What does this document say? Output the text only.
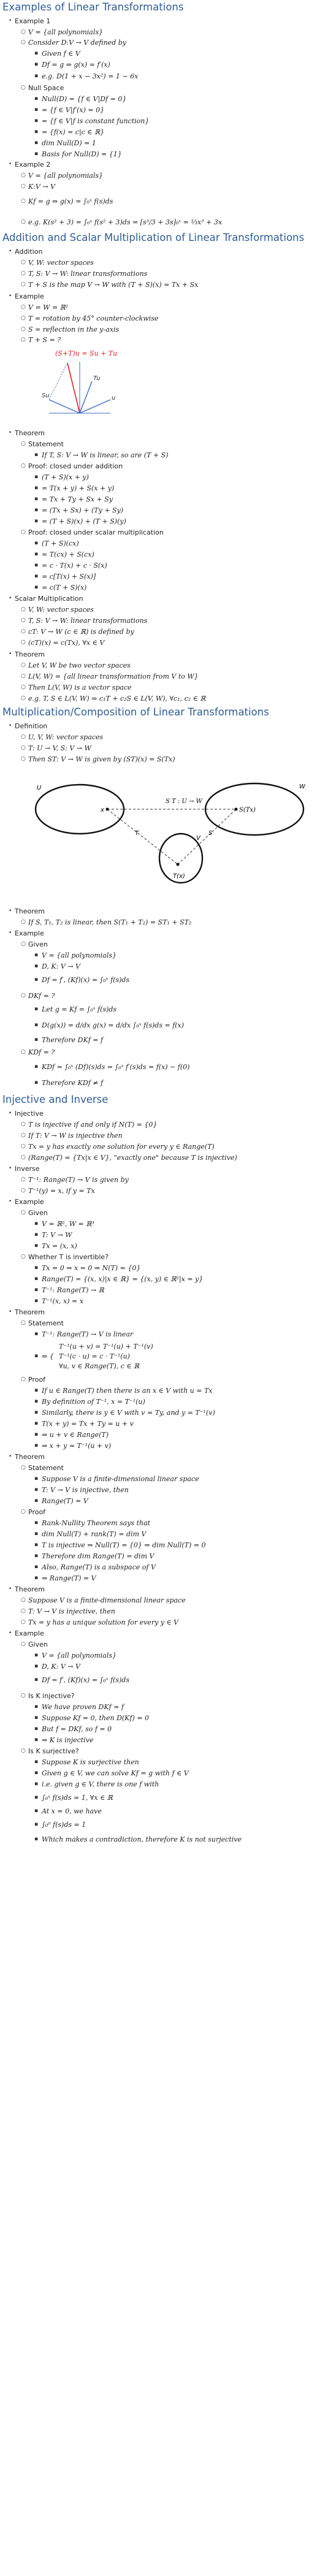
Examples of Linear Transformations
• Example 1
○ V = {all polynomials}
○ Consider D:V → V defined by
▪ Given f ∈ V
▪ Df = g ⇔ g(x) = f′(x)
▪ e.g. D(1 + x − 3x²) = 1 − 6x
○ Null Space
▪ Null(D) = {f ∈ V|Df = 0}
▪ = {f ∈ V|f′(x) = 0}
▪ = {f ∈ V|f is constant function}
▪ = {f(x) = c|c ∈ ℝ}
▪ dim Null(D) = 1
▪ Basis for Null(D) = {1}
• Example 2
○ V = {all polynomials}
○ K:V → V
○ Kf = g ⇔ g(x) = ∫₀ˣ f(s)ds
○ e.g. K(s² + 3) = ∫₀ˣ f(s² + 3)ds = [s³/3 + 3s]₀ˣ = ⅓x³ + 3x
Addition and Scalar Multiplication of Linear Transformations
• Addition
○ V, W: vector spaces
○ T, S: V → W: linear transformations
○ T + S is the map V → W with (T + S)(x) = Tx + Sx
• Example
○ V = W = ℝ²
○ T = rotation by 45° counter-clockwise
○ S = reflection in the y-axis
○ T + S = ?
(S+T)u = Su + Tu
Su
Tu
u
• Theorem
○ Statement
▪ If T, S: V → W is linear, so are (T + S)
○ Proof: closed under addition
▪ (T + S)(x + y)
▪ = T(x + y) + S(x + y)
▪ = Tx + Ty + Sx + Sy
▪ = (Tx + Sx) + (Ty + Sy)
▪ = (T + S)(x) + (T + S)(y)
○ Proof: closed under scalar multiplication
▪ (T + S)(cx)
▪ = T(cx) + S(cx)
▪ = c · T(x) + c · S(x)
▪ = c[T(x) + S(x)]
▪ = c(T + S)(x)
• Scalar Multiplication
○ V, W: vector spaces
○ T, S: V → W: linear transformations
○ cT: V → W (c ∈ ℝ) is defined by
○ (cT)(x) = c(Tx), ∀x ∈ V
• Theorem
○ Let V, W be two vector spaces
○ L(V, W) = {all linear transformation from V to W}
○ Then L(V, W) is a vector space
○ e.g. T, S ∈ L(V, W) ⇒ c₁T + c₂S ∈ L(V, W), ∀c₁, c₂ ∈ ℝ
Multiplication/Composition of Linear Transformations
• Definition
○ U, V, W: vector spaces
○ T: U → V, S: V → W
○ Then ST: V → W is given by (ST)(x) = S(Tx)
S T : U → W
S(Tx)
T	S
x
U
V
W
T(x)
• Theorem
○ If S, T₁, T₂ is linear, then S(T₁ + T₂) = ST₁ + ST₂
• Example
○ Given
▪ V = {all polynomials}
▪ D, K: V → V
▪ Df = f′, (Kf)(x) = ∫₀ˣ f(s)ds
○ DKf = ?
▪ Let g = Kf = ∫₀ˣ f(s)ds
▪ D(g(x)) = d/dx g(x) = d/dx ∫₀ˣ f(s)ds = f(x)
▪ Therefore DKf = f
○ KDf = ?
▪ KDf = ∫₀ˣ (Df)(s)ds = ∫₀ˣ f′(s)ds = f(x) − f(0)
▪ Therefore KDf ≠ f
Injective and Inverse
• Injective
○ T is injective if and only if N(T) = {0}
○ If T: V → W is injective then
○ Tx = y has exactly one solution for every y ∈ Range(T)
○ (Range(T) = {Tx|x ∈ V}, "exactly one" because T is injective)
• Inverse
○ T⁻¹: Range(T) → V is given by
○ T⁻¹(y) = x, if y = Tx
• Example
○ Given
▪ V = ℝ², W = ℝ³
▪ T: V → W
▪ Tx = (x, x)
○ Whether T is invertible?
▪ Tx = 0 ⇒ x = 0 ⇒ N(T) = {0}
▪ Range(T) = {(x, x)|x ∈ ℝ} = {(x, y) ∈ ℝ²|x = y}
▪ T⁻¹: Range(T) → ℝ
▪ T⁻¹(x, x) = x
• Theorem
○ Statement
▪ T⁻¹: Range(T) → V is linear
▪ ⇔ {
T⁻¹(u + v) = T⁻¹(u) + T⁻¹(v)
T⁻¹(c · u) = c · T⁻¹(u)
∀u, v ∈ Range(T), c ∈ ℝ
○ Proof
▪ If u ∈ Range(T) then there is an x ∈ V with u = Tx
▪ By definition of T⁻¹, x = T⁻¹(u)
▪ Similarly, there is y ∈ V with v = Ty, and y = T⁻¹(v)
▪ T(x + y) = Tx + Ty = u + v
▪ ⇒ u + v ∈ Range(T)
▪ ⇒ x + y = T⁻¹(u + v)
• Theorem
○ Statement
▪ Suppose V is a finite-dimensional linear space
▪ T: V → V is injective, then
▪ Range(T) = V
○ Proof
▪ Rank-Nullity Theorem says that
▪ dim Null(T) + rank(T) = dim V
▪ T is injective ⇒ Null(T) = {0} ⇒ dim Null(T) = 0
▪ Therefore dim Range(T) = dim V
▪ Also, Range(T) is a subspace of V
▪ ⇒ Range(T) = V
• Theorem
○ Suppose V is a finite-dimensional linear space
○ T: V → V is injective, then
○ Tx = y has a unique solution for every y ∈ V
• Example
○ Given
▪ V = {all polynomials}
▪ D, K: V → V
▪ Df = f′, (Kf)(x) = ∫₀ˣ f(s)ds
○ Is K injective?
▪ We have proven DKf = f
▪ Suppose Kf = 0, then D(Kf) = 0
▪ But f = DKf, so f = 0
▪ ⇒ K is injective
○ Is K surjective?
▪ Suppose K is surjective then
▪ Given g ∈ V, we can solve Kf = g with f ∈ V
▪ i.e. given g ∈ V, there is one f with
▪ ∫₀ˣ f(s)ds = 1, ∀x ∈ ℝ
▪ At x = 0, we have
▪ ∫₀⁰ f(s)ds = 1
▪ Which makes a contradiction, therefore K is not surjective
